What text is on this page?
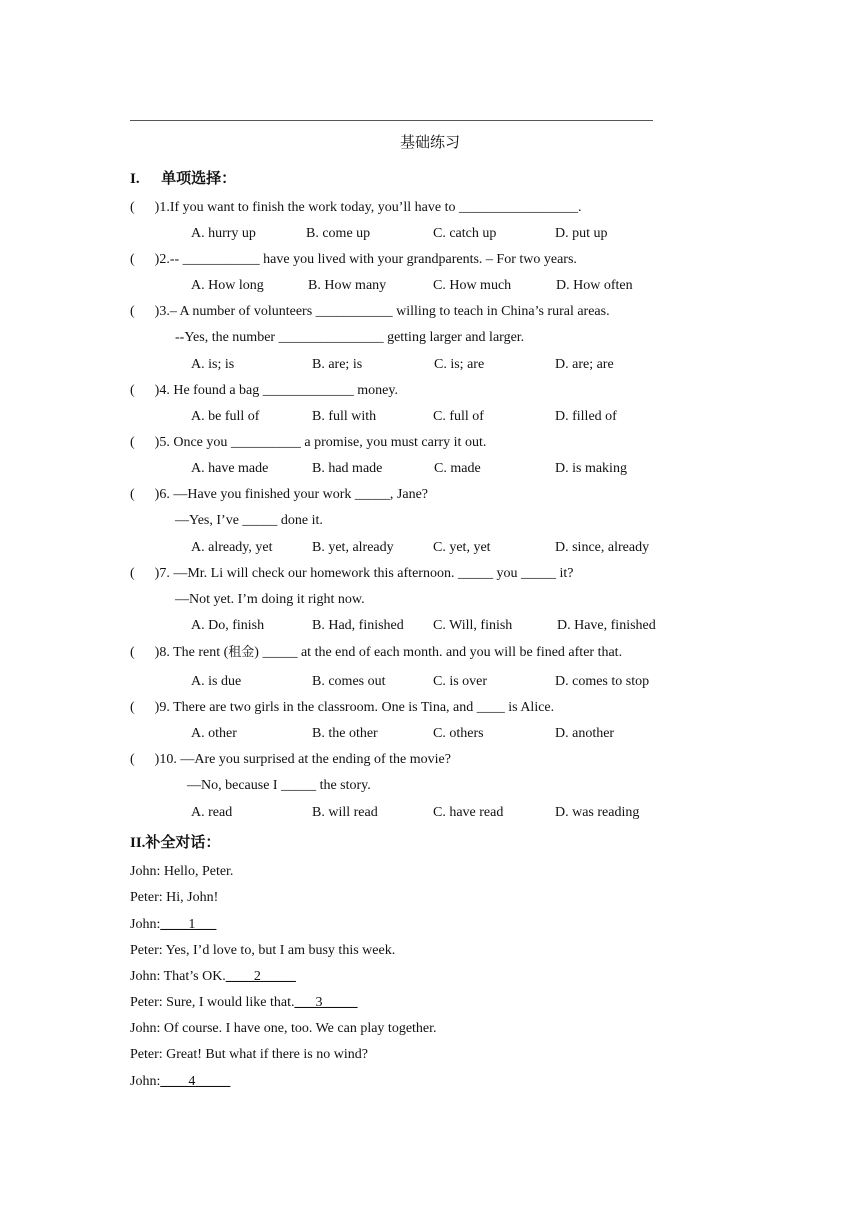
基础练习
I. 单项选择：
( )1.If you want to finish the work today, you’ll have to _________________.
A. hurry up	B. come up	C. catch up	D. put up
( )2.-- ___________ have you lived with your grandparents. – For two years.
A. How long	B. How many	C. How much	D. How often
( )3.– A number of volunteers ___________ willing to teach in China’s rural areas.
--Yes, the number _______________ getting larger and larger.
A. is; is	B. are; is	C. is; are	D. are; are
( )4. He found a bag _____________ money.
A. be full of	B. full with	C. full of	D. filled of
( )5. Once you __________ a promise, you must carry it out.
A. have made	B. had made	C. made	D. is making
( )6. —Have you finished your work _____, Jane?
—Yes, I’ve _____ done it.
A. already, yet	B. yet, already	C. yet, yet	D. since, already
( )7. —Mr. Li will check our homework this afternoon. _____ you _____ it?
—Not yet. I’m doing it right now.
A. Do, finish	B. Had, finished C. Will, finish	D. Have, finished
( )8. The rent (租金) _____ at the end of each month. and you will be fined after that.
A. is due	B. comes out	C. is over	D. comes to stop
( )9. There are two girls in the classroom. One is Tina, and ____ is Alice.
A. other	B. the other	C. others	D. another
( )10. —Are you surprised at the ending of the movie?
—No, because I _____ the story.
A. read	B. will read	C. have read	D. was reading
II.补全对话：
John: Hello, Peter.
Peter: Hi, John!
John:____1___
Peter: Yes, I’d love to, but I am busy this week.
John: That’s OK.____2_____
Peter: Sure, I would like that.___3_____
John: Of course. I have one, too. We can play together.
Peter: Great! But what if there is no wind?
John:____4_____
